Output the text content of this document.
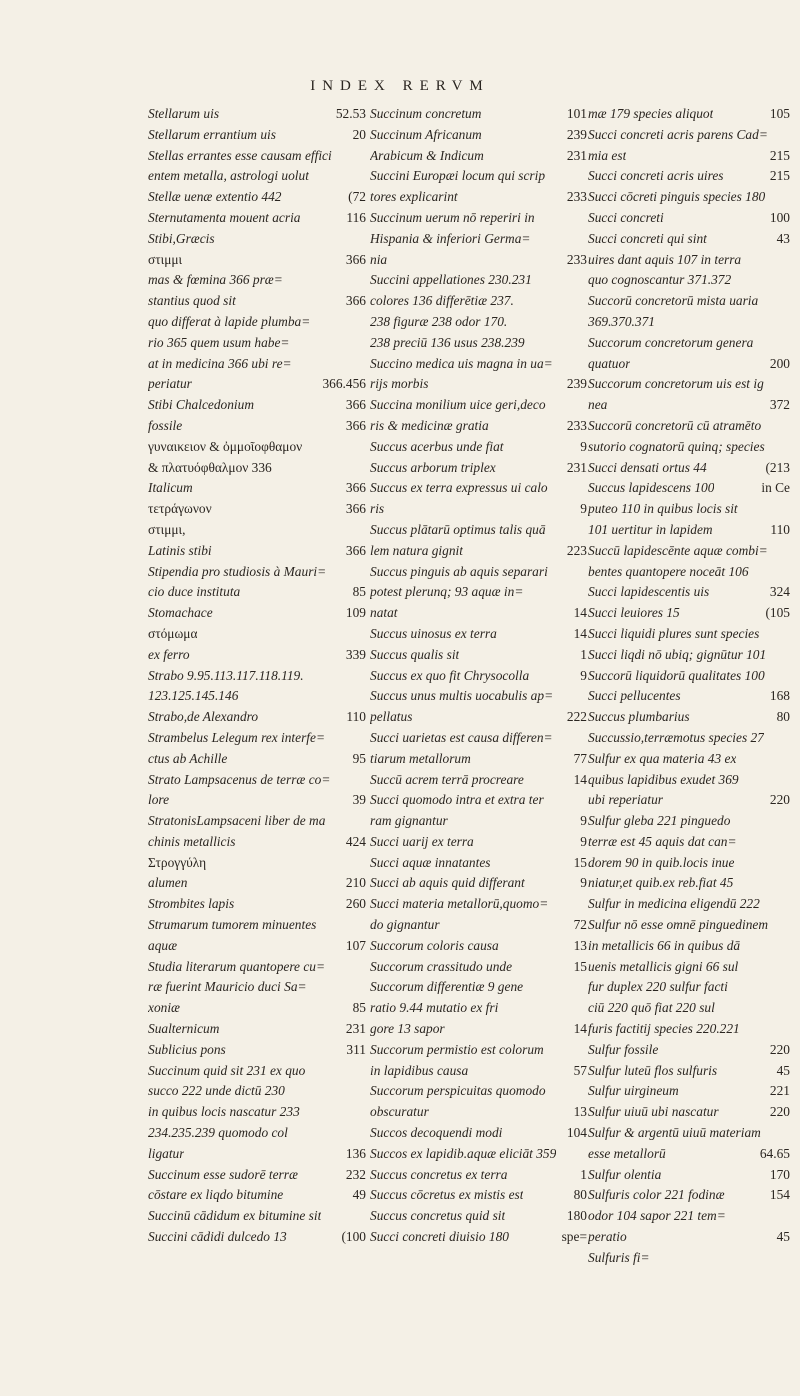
INDEX RERVM
Stellarum uis	52.53
Stellarum errantium uis	20
Stellas errantes esse causam effici
entem metalla, astrologi uolut
Stellæ uenæ extentio 442	(72
Sternutamenta mouent acria	116
Stibi,Græcis
στιμμι	366
mas & fœmina 366 præ=
stantius quod sit	366
quo differat à lapide plumba=
rio 365 quem usum habe=
at in medicina 366 ubi re=
periatur	366.456
Stibi Chalcedonium	366
fossile	366
γυναικειον & ὀμμοῖοφθαμον
& πλατυόφθαλμον 336
Italicum	366
τετράγωνον	366
στιμμι,
Latinis stibi	366
Stipendia pro studiosis à Mauri=
cio duce instituta	85
Stomachace	109
στόμωμα
ex ferro	339
Strabo 9.95.113.117.118.119.
123.125.145.146
Strabo,de Alexandro	110
Strambelus Lelegum rex interfe=
ctus ab Achille	95
Strato Lampsacenus de terræ co=
lore	39
StratonisLampsaceni liber de ma
chinis metallicis	424
Στρογγύλη
alumen	210
Strombites lapis	260
Strumarum tumorem minuentes
aquæ	107
Studia literarum quantopere cu=
ræ fuerint Mauricio duci Sa=
xoniæ	85
Sualternicum	231
Sublicius pons	311
Succinum quid sit 231 ex quo
succo 222 unde dictū 230
in quibus locis nascatur 233
234.235.239 quomodo col
ligatur	136
Succinum esse sudorē terræ	232
cōstare ex liqdo bitumine	49
Succinū cādidum ex bitumine sit
Succini cādidi dulcedo 13	(100
Succinum concretum	101
Succinum Africanum	239
Arabicum & Indicum	231
Succini Europæi locum qui scrip
tores explicarint	233
Succinum uerum nō reperiri in
Hispania & inferiori Germa=
nia	233
Succini appellationes 230.231
colores 136 differētiæ 237.
238 figuræ 238 odor 170.
238 preciū 136 usus 238.239
Succino medica uis magna in ua=
rijs morbis	239
Succina monilium uice geri,deco
ris & medicinæ gratia	233
Succus acerbus unde fiat	9
Succus arborum triplex	231
Succus ex terra expressus ui calo
ris	9
Succus plātarū optimus talis quā
lem natura gignit	223
Succus pinguis ab aquis separari
potest plerunq; 93 aquæ in=
natat	14
Succus uinosus ex terra	14
Succus qualis sit	1
Succus ex quo fit Chrysocolla	9
Succus unus multis uocabulis ap=
pellatus	222
Succi uarietas est causa differen=
tiarum metallorum	77
Succū acrem terrā procreare	14
Succi quomodo intra et extra ter
ram gignantur	9
Succi uarij ex terra	9
Succi aquæ innatantes	15
Succi ab aquis quid differant	9
Succi materia metallorū,quomo=
do gignantur	72
Succorum coloris causa	13
Succorum crassitudo unde	15
Succorum differentiæ 9 gene
ratio 9.44 mutatio ex fri
gore 13 sapor	14
Succorum permistio est colorum
in lapidibus causa	57
Succorum perspicuitas quomodo
obscuratur	13
Succos decoquendi modi	104
Succos ex lapidib.aquæ eliciāt 359
Succus concretus ex terra	1
Succus cōcretus ex mistis est	80
Succus concretus quid sit	180
Succi concreti diuisio 180	spe=
mæ 179 species aliquot	105
Succi concreti acris parens Cad=
mia est	215
Succi concreti acris uires	215
Succi cōcreti pinguis species 180
Succi concreti	100
Succi concreti qui sint	43
uires dant aquis 107 in terra
quo cognoscantur 371.372
Succorū concretorū mista uaria
369.370.371
Succorum concretorum genera
quatuor	200
Succorum concretorum uis est ig
nea	372
Succorū concretorū cū atramēto
sutorio cognatorū quinq; species
Succi densati ortus 44	(213
Succus lapidescens 100	in Ce
puteo 110 in quibus locis sit
101 uertitur in lapidem	110
Succū lapidescēnte aquæ combi=
bentes quantopere noceāt 106
Succi lapidescentis uis	324
Succi leuiores 15	(105
Succi liquidi plures sunt species
Succi liqdi nō ubiq; gignūtur 101
Succorū liquidorū qualitates 100
Succi pellucentes	168
Succus plumbarius	80
Succussio,terræmotus species 27
Sulfur ex qua materia 43 ex
quibus lapidibus exudet 369
ubi reperiatur	220
Sulfur gleba 221 pinguedo
terræ est 45 aquis dat can=
dorem 90 in quib.locis inue
niatur,et quib.ex reb.fiat 45
Sulfur in medicina eligendū 222
Sulfur nō esse omnē pinguedinem
in metallicis 66 in quibus dā
uenis metallicis gigni 66 sul
fur duplex 220 sulfur facti
ciū 220 quō fiat 220 sul
furis factitij species 220.221
Sulfur fossile	220
Sulfur luteū flos sulfuris	45
Sulfur uirgineum	221
Sulfur uiuū ubi nascatur	220
Sulfur & argentū uiuū materiam
esse metallorū	64.65
Sulfur olentia	170
Sulfuris color 221 fodinæ	154
odor 104 sapor 221 tem=
peratio	45
Sulfuris fi=
